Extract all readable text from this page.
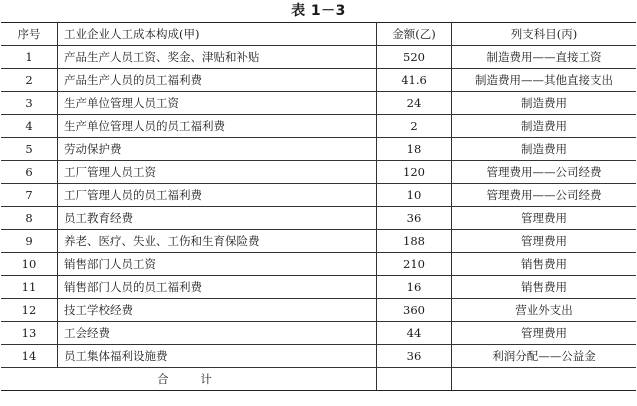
表 1－3
序号	工业企业人工成本构成(甲)	金额(乙)	列支科目(丙)
1	产品生产人员工资、奖金、津贴和补贴	520	制造费用——直接工资
2	产品生产人员的员工福利费	41.6	制造费用——其他直接支出
3	生产单位管理人员工资	24	制造费用
4	生产单位管理人员的员工福利费	2	制造费用
5	劳动保护费	18	制造费用
6	工厂管理人员工资	120	管理费用——公司经费
7	工厂管理人员的员工福利费	10	管理费用——公司经费
8	员工教育经费	36	管理费用
9	养老、医疗、失业、工伤和生育保险费	188	管理费用
10	销售部门人员工资	210	销售费用
11	销售部门人员的员工福利费	16	销售费用
12	技工学校经费	360	营业外支出
13	工会经费	44	管理费用
14	员工集体福利设施费	36	利润分配——公益金
合 计			
